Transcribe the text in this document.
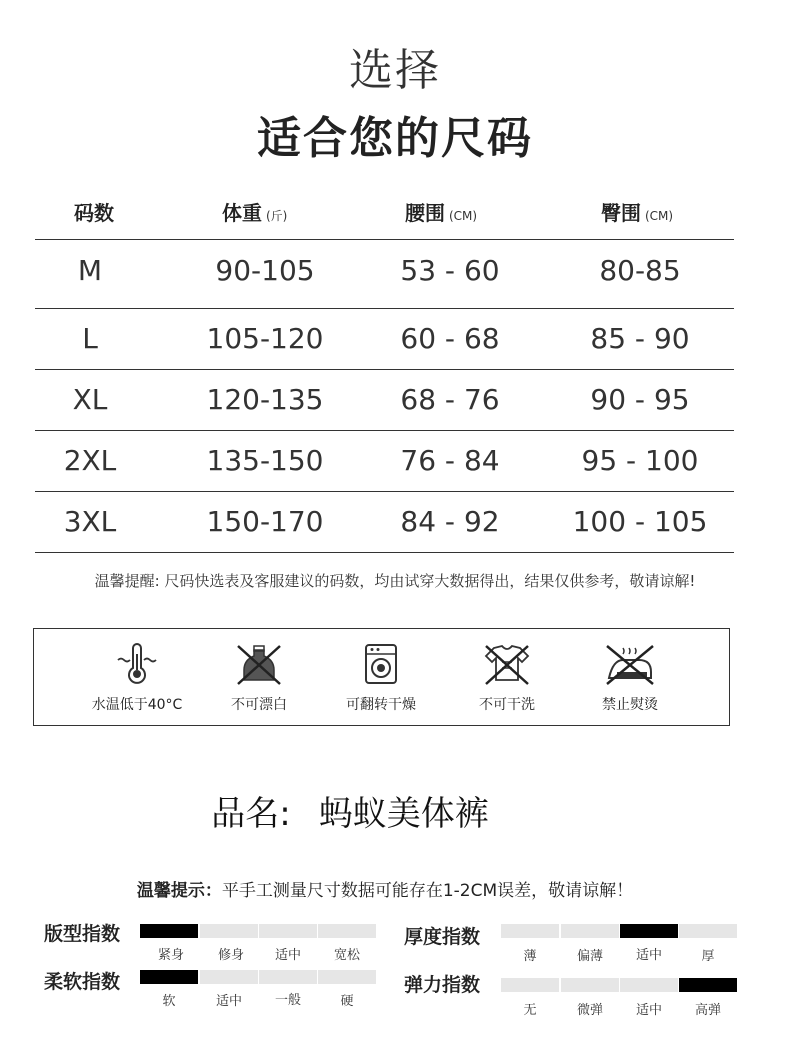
选择
适合您的尺码
码数	体重 (斤)	腰围 (CM)	臀围 (CM)
M	90-105	53 - 60	80-85
L	105-120	60 - 68	85 - 90
XL	120-135	68 - 76	90 - 95
2XL	135-150	76 - 84	95 - 100
3XL	150-170	84 - 92	100 - 105
温馨提醒: 尺码快选表及客服建议的码数，均由试穿大数据得出，结果仅供参考，敬请谅解!
水温低于40°C	不可漂白	可翻转干燥	不可干洗	禁止熨烫
品名: 蚂蚁美体裤
温馨提示：平手工测量尺寸数据可能存在1-2CM误差，敬请谅解！
版型指数
紧身	修身	适中	宽松
厚度指数
薄	偏薄	适中	厚
柔软指数
软	适中	一般	硬
弹力指数
无	微弹	适中	高弹
